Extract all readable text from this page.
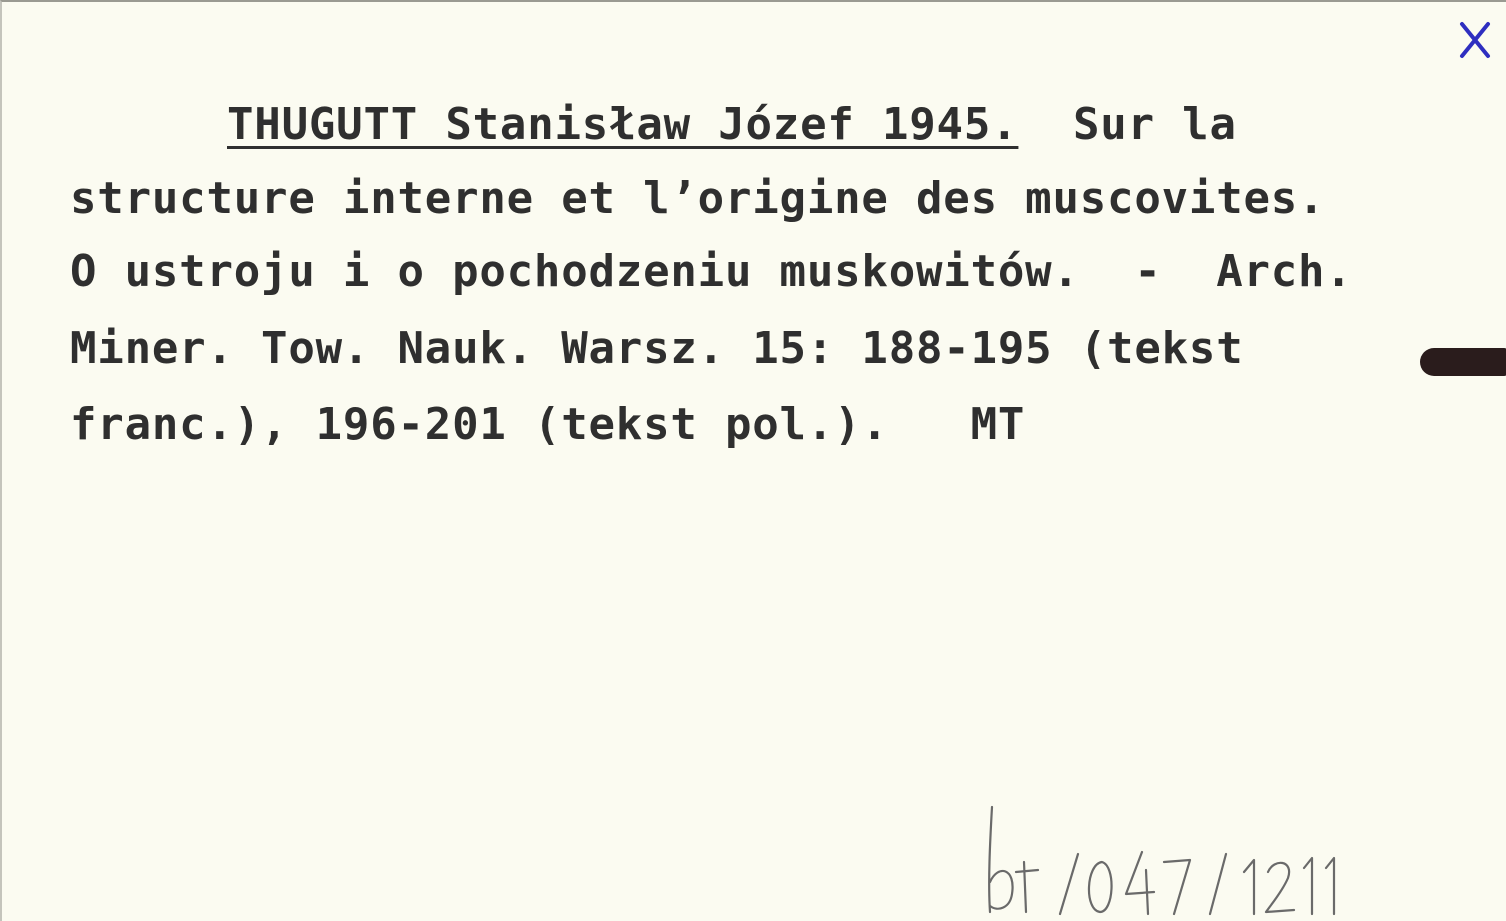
THUGUTT Stanisław Józef 1945. Sur la
structure interne et l’origine des muscovites.
O ustroju i o pochodzeniu muskowitów.  -  Arch.
Miner. Tow. Nauk. Warsz. 15: 188-195 (tekst
franc.), 196-201 (tekst pol.).   MT
